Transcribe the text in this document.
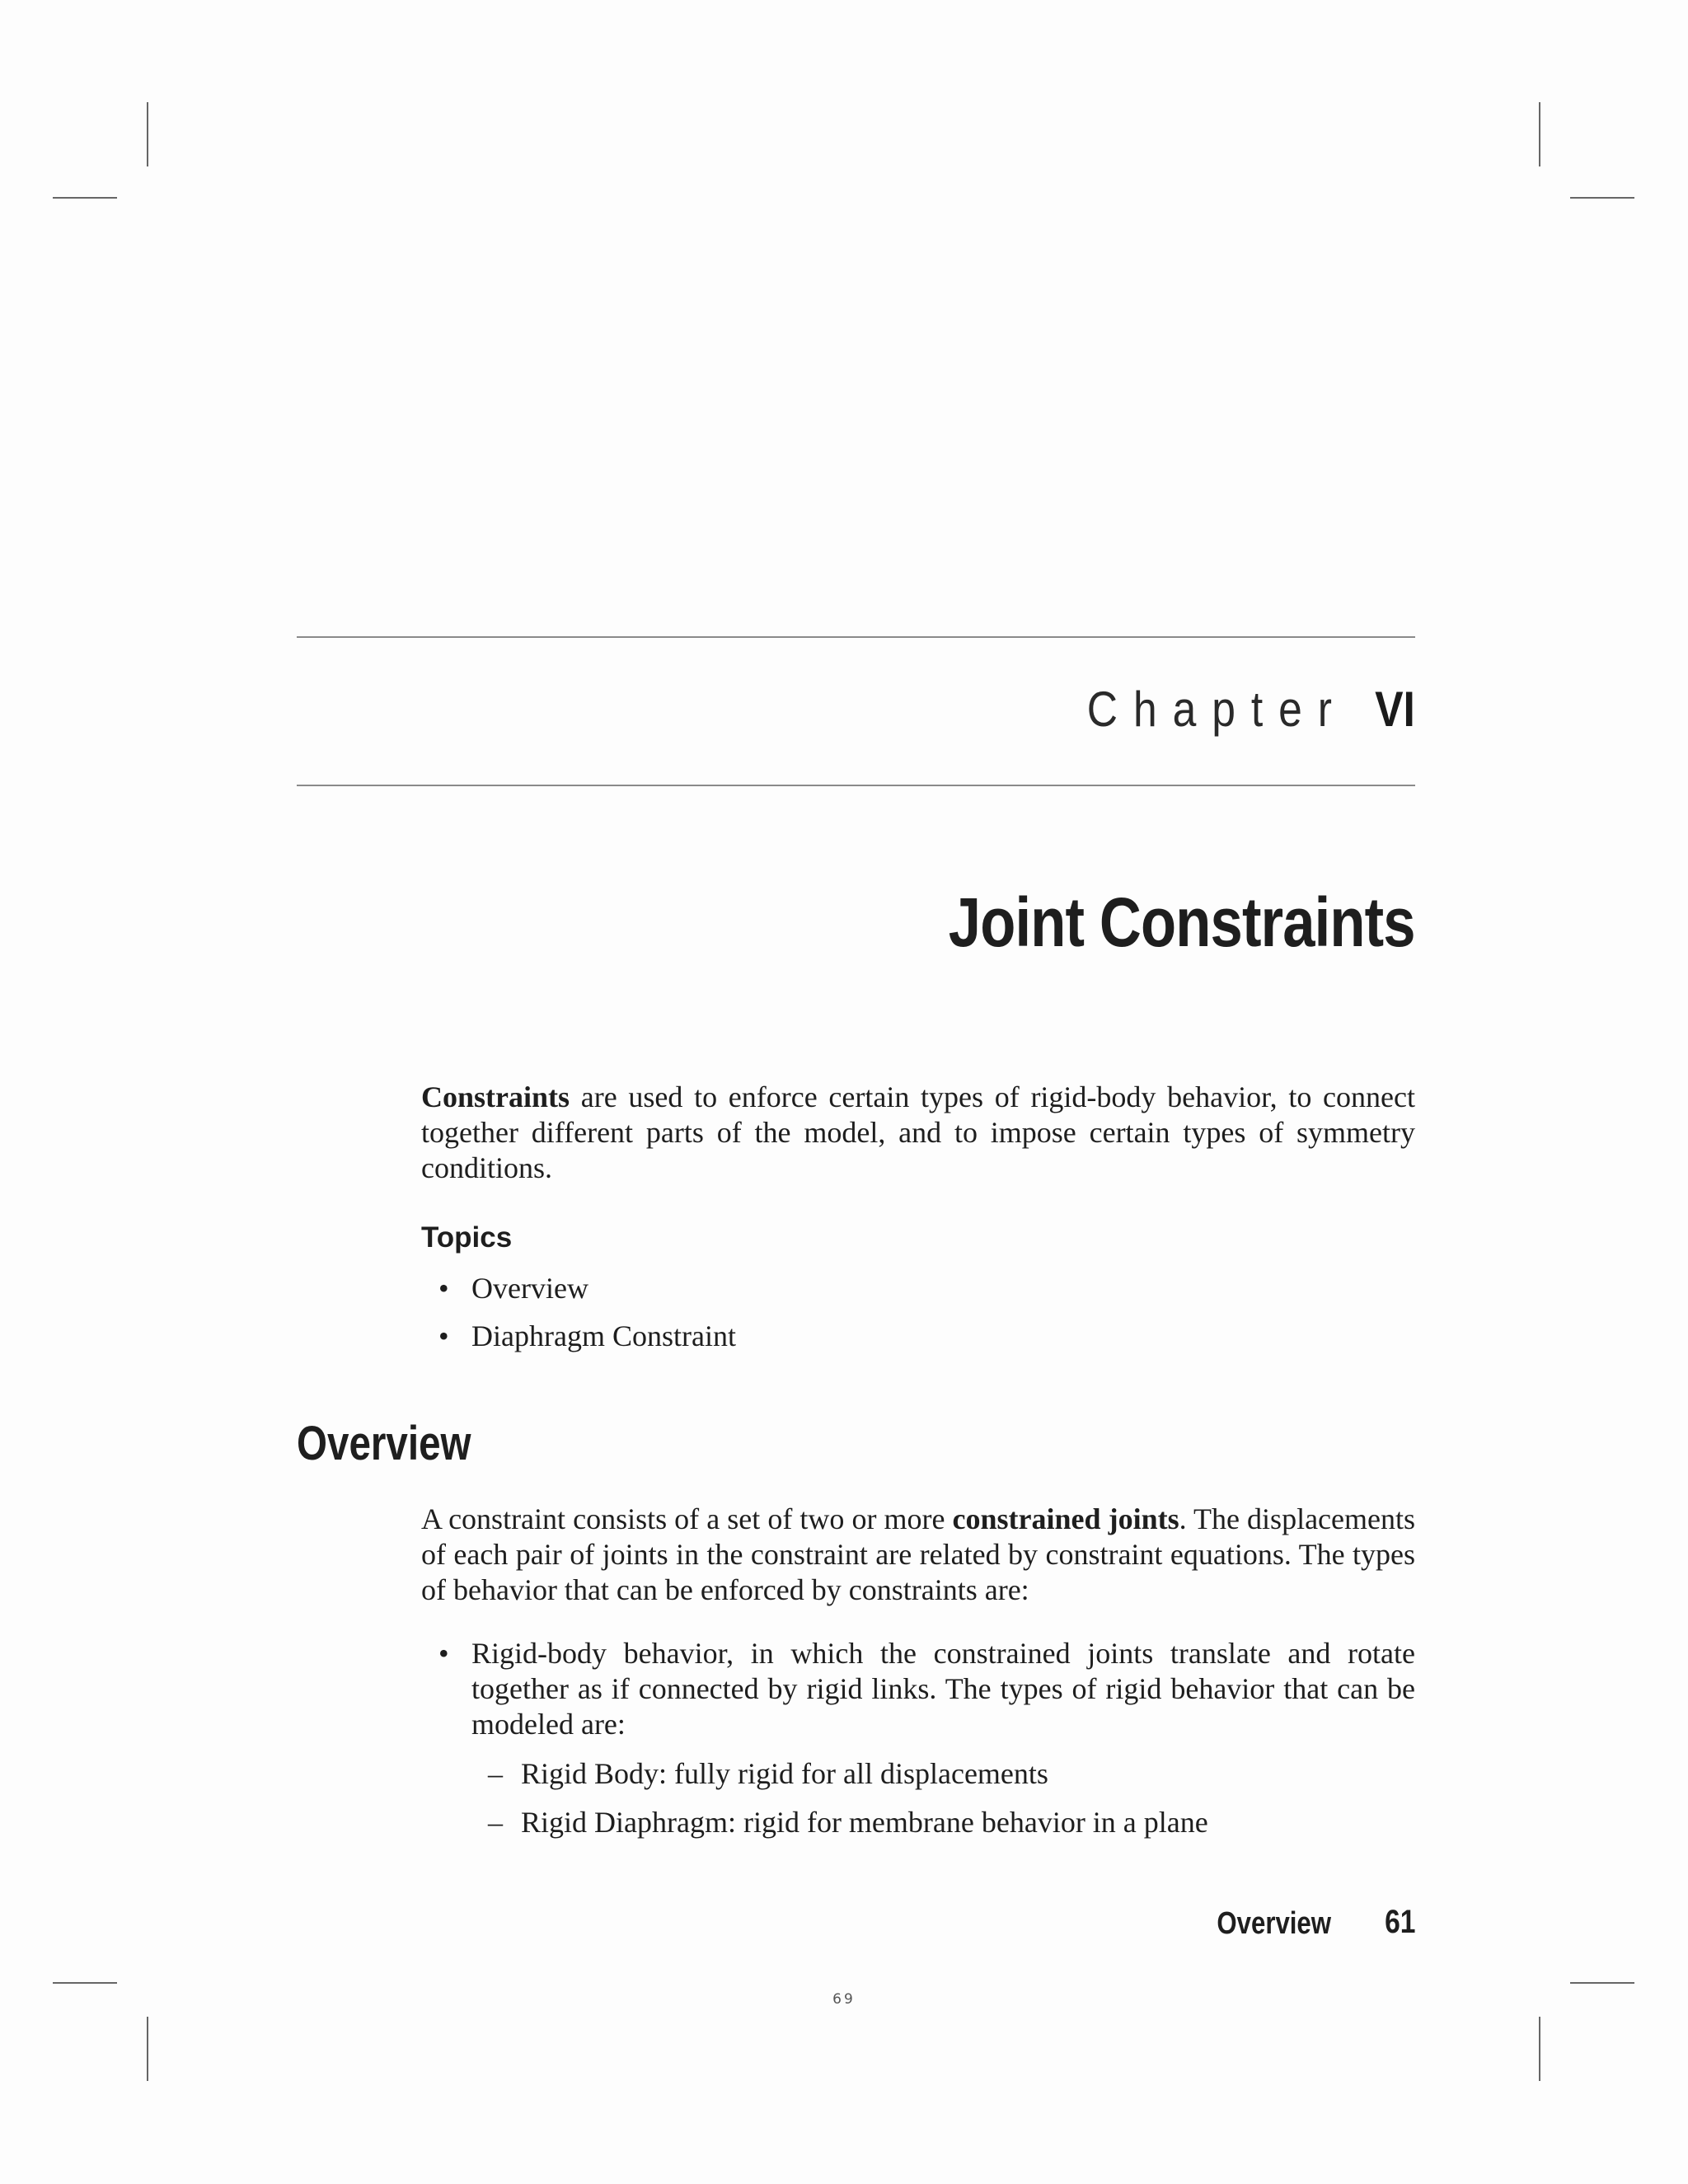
Chapter VI
Joint Constraints
Constraints are used to enforce certain types of rigid-body behavior, to connect together different parts of the model, and to impose certain types of symmetry conditions.
Topics
• Overview
• Diaphragm Constraint
Overview
A constraint consists of a set of two or more constrained joints. The displacements of each pair of joints in the constraint are related by constraint equations. The types of behavior that can be enforced by constraints are:
• Rigid-body behavior, in which the constrained joints translate and rotate together as if connected by rigid links. The types of rigid behavior that can be modeled are:
– Rigid Body: fully rigid for all displacements
– Rigid Diaphragm: rigid for membrane behavior in a plane
Overview 61
69
